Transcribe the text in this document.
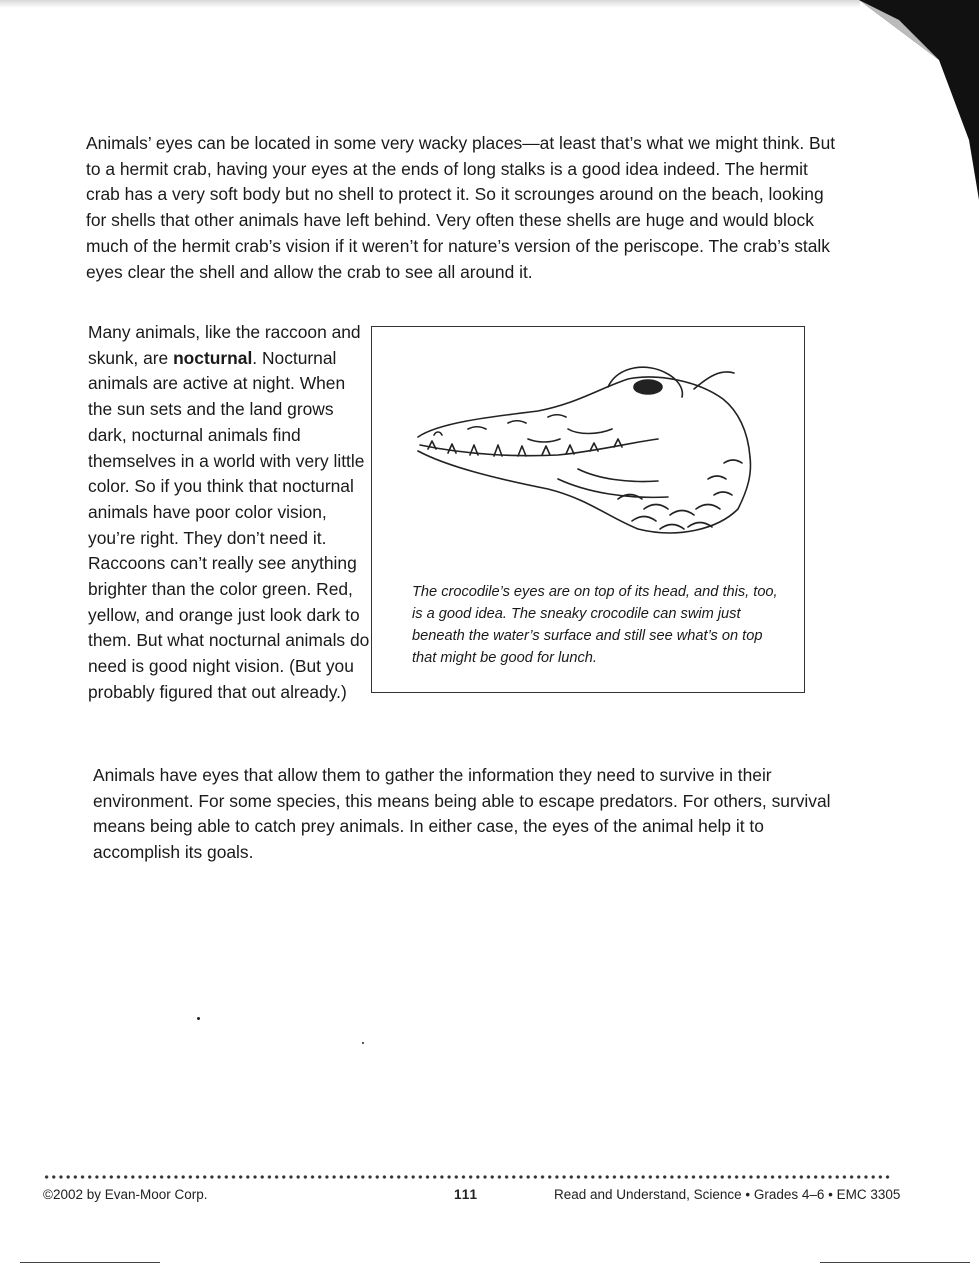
Animals’ eyes can be located in some very wacky places—at least that’s what we might think. But to a hermit crab, having your eyes at the ends of long stalks is a good idea indeed. The hermit crab has a very soft body but no shell to protect it. So it scrounges around on the beach, looking for shells that other animals have left behind. Very often these shells are huge and would block much of the hermit crab’s vision if it weren’t for nature’s version of the periscope. The crab’s stalk eyes clear the shell and allow the crab to see all around it.

Many animals, like the raccoon and skunk, are nocturnal. Nocturnal animals are active at night. When the sun sets and the land grows dark, nocturnal animals find themselves in a world with very little color. So if you think that nocturnal animals have poor color vision, you’re right. They don’t need it. Raccoons can’t really see anything brighter than the color green. Red, yellow, and orange just look dark to them. But what nocturnal animals do need is good night vision. (But you probably figured that out already.)

The crocodile’s eyes are on top of its head, and this, too, is a good idea. The sneaky crocodile can swim just beneath the water’s surface and still see what’s on top that might be good for lunch.

Animals have eyes that allow them to gather the information they need to survive in their environment. For some species, this means being able to escape predators. For others, survival means being able to catch prey animals. In either case, the eyes of the animal help it to accomplish its goals.

©2002 by Evan-Moor Corp.	111	Read and Understand, Science • Grades 4–6 • EMC 3305
